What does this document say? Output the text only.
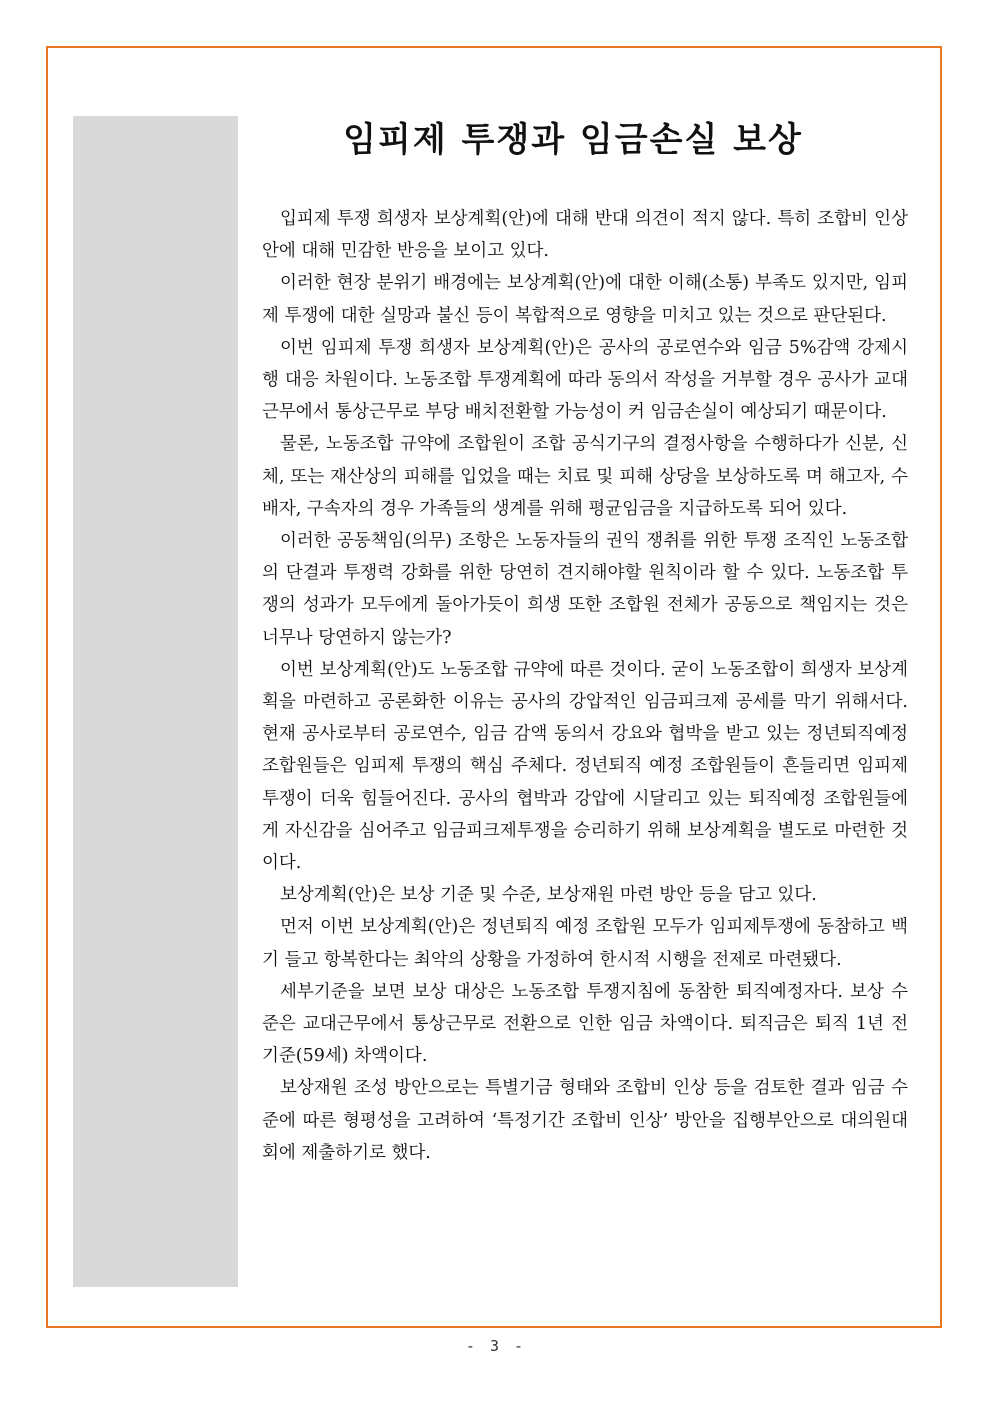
임피제 투쟁과 임금손실 보상

입피제 투쟁 희생자 보상계획(안)에 대해 반대 의견이 적지 않다. 특히 조합비 인상안에 대해 민감한 반응을 보이고 있다.

이러한 현장 분위기 배경에는 보상계획(안)에 대한 이해(소통) 부족도 있지만, 임피제 투쟁에 대한 실망과 불신 등이 복합적으로 영향을 미치고 있는 것으로 판단된다.

이번 임피제 투쟁 희생자 보상계획(안)은 공사의 공로연수와 임금 5%감액 강제시행 대응 차원이다. 노동조합 투쟁계획에 따라 동의서 작성을 거부할 경우 공사가 교대근무에서 통상근무로 부당 배치전환할 가능성이 커 임금손실이 예상되기 때문이다.

물론, 노동조합 규약에 조합원이 조합 공식기구의 결정사항을 수행하다가 신분, 신체, 또는 재산상의 피해를 입었을 때는 치료 및 피해 상당을 보상하도록 며 해고자, 수배자, 구속자의 경우 가족들의 생계를 위해 평균임금을 지급하도록 되어 있다.

이러한 공동책임(의무) 조항은 노동자들의 권익 쟁취를 위한 투쟁 조직인 노동조합의 단결과 투쟁력 강화를 위한 당연히 견지해야할 원칙이라 할 수 있다. 노동조합 투쟁의 성과가 모두에게 돌아가듯이 희생 또한 조합원 전체가 공동으로 책임지는 것은 너무나 당연하지 않는가?

이번 보상계획(안)도 노동조합 규약에 따른 것이다. 굳이 노동조합이 희생자 보상계획을 마련하고 공론화한 이유는 공사의 강압적인 임금피크제 공세를 막기 위해서다. 현재 공사로부터 공로연수, 임금 감액 동의서 강요와 협박을 받고 있는 정년퇴직예정 조합원들은 임피제 투쟁의 핵심 주체다. 정년퇴직 예정 조합원들이 흔들리면 임피제 투쟁이 더욱 힘들어진다. 공사의 협박과 강압에 시달리고 있는 퇴직예정 조합원들에게 자신감을 심어주고 임금피크제투쟁을 승리하기 위해 보상계획을 별도로 마련한 것이다.

보상계획(안)은 보상 기준 및 수준, 보상재원 마련 방안 등을 담고 있다.

먼저 이번 보상계획(안)은 정년퇴직 예정 조합원 모두가 임피제투쟁에 동참하고 백기 들고 항복한다는 최악의 상황을 가정하여 한시적 시행을 전제로 마련됐다.

세부기준을 보면 보상 대상은 노동조합 투쟁지침에 동참한 퇴직예정자다. 보상 수준은 교대근무에서 통상근무로 전환으로 인한 임금 차액이다. 퇴직금은 퇴직 1년 전 기준(59세) 차액이다.

보상재원 조성 방안으로는 특별기금 형태와 조합비 인상 등을 검토한 결과 임금 수준에 따른 형평성을 고려하여 ‘특정기간 조합비 인상’ 방안을 집행부안으로 대의원대회에 제출하기로 했다.

- 3 -
